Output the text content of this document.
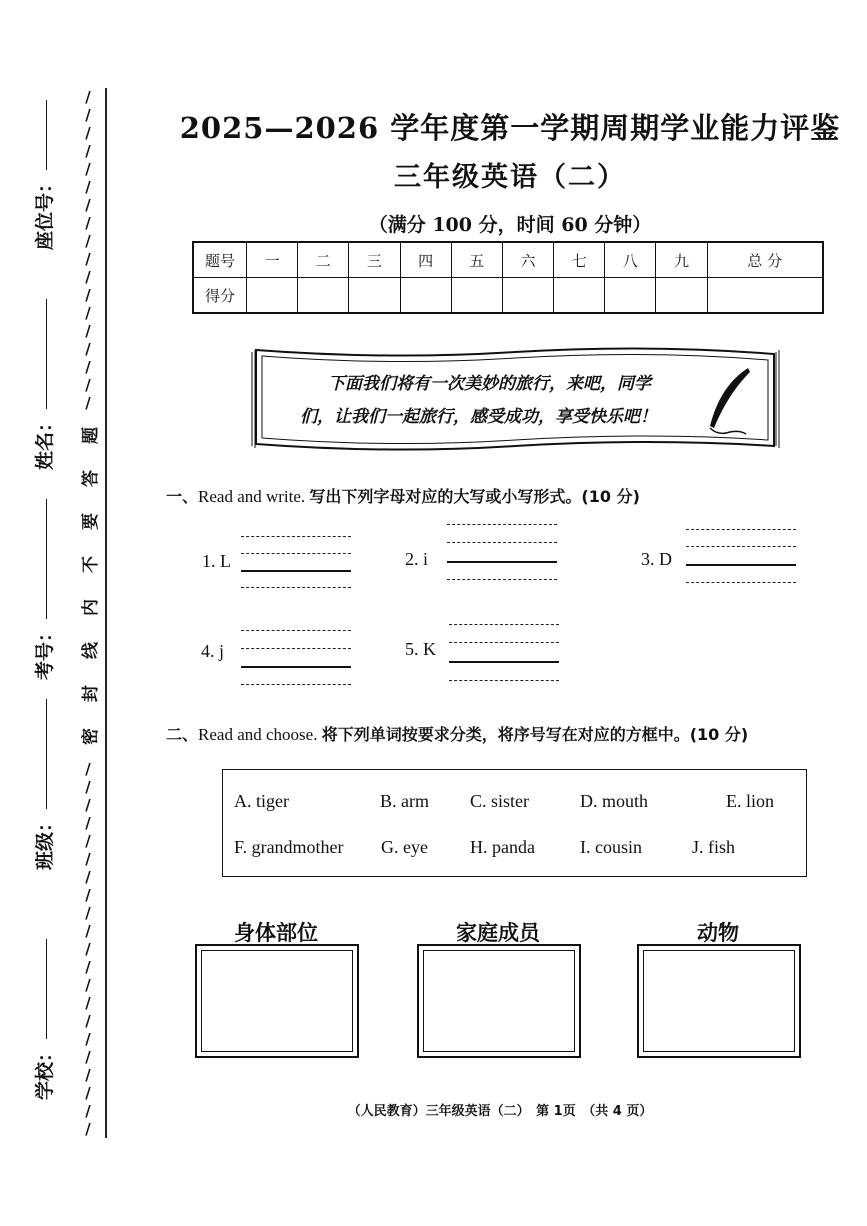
座位号：
姓名：
考号：
班级：
学校：
/
/
/
/
/
/
/
/
/
/
/
/
/
/
/
/
/
/
题
答
要
不
内
线
封
密
/
/
/
/
/
/
/
/
/
/
/
/
/
/
/
/
/
/
/
/
/
2025—2026 学年度第一学期周期学业能力评鉴
三年级英语（二）
（满分 100 分，时间 60 分钟）
题号	一	二	三	四	五	六	七	八	九	总 分
得分										
下面我们将有一次美妙的旅行，来吧，同学
们，让我们一起旅行，感受成功，享受快乐吧！
一、Read and write. 写出下列字母对应的大写或小写形式。(10 分)
1. L	2. i	3. D
4. j	5. K
二、Read and choose. 将下列单词按要求分类，将序号写在对应的方框中。(10 分)
A. tiger	B. arm C. sister	D. mouth	E. lion
F. grandmother G. eye H. panda	I. cousin	J. fish
身体部位	家庭成员	动物
（人民教育）三年级英语（二）　第 1页　（共 4 页）
